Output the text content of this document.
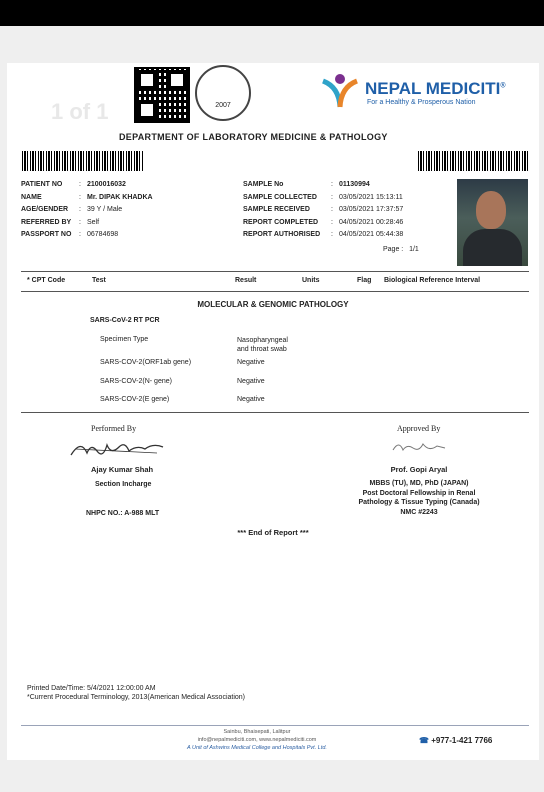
1 of 1	2007
NEPAL MEDICITI®
For a Healthy & Prosperous Nation
DEPARTMENT OF LABORATORY MEDICINE & PATHOLOGY
PATIENT NO : 2100016032
NAME	: Mr. DIPAK KHADKA
AGE/GENDER : 39 Y / Male
REFERRED BY : Self
PASSPORT NO : 06784698
SAMPLE No	: 01130994
SAMPLE COLLECTED : 03/05/2021 15:13:11
SAMPLE RECEIVED	: 03/05/2021 17:37:57
REPORT COMPLETED : 04/05/2021 00:28:46
REPORT AUTHORISED : 04/05/2021 05:44:38
Page : 1/1
* CPT Code	Test	Result	Units	Flag Biological Reference Interval
MOLECULAR & GENOMIC PATHOLOGY
SARS-CoV-2 RT PCR
Specimen Type	Nasopharyngeal
and throat swab
SARS-COV-2(ORF1ab gene)	Negative
SARS-COV-2(N- gene)	Negative
SARS-COV-2(E gene)	Negative
Performed By
Ajay Kumar Shah
Section Incharge
NHPC NO.: A-988 MLT
Approved By
Prof. Gopi Aryal
MBBS (TU), MD, PhD (JAPAN)
Post Doctoral Fellowship in Renal
Pathology & Tissue Typing (Canada)
NMC #2243
*** End of Report ***
Printed Date/Time: 5/4/2021 12:00:00 AM
*Current Procedural Terminology, 2013(American Medical Association)
Sainbu, Bhaisepati, Lalitpur
info@nepalmediciti.com, www.nepalmediciti.com
A Unit of Ashwins Medical College and Hospitals Pvt. Ltd.
☎ +977-1-421 7766
